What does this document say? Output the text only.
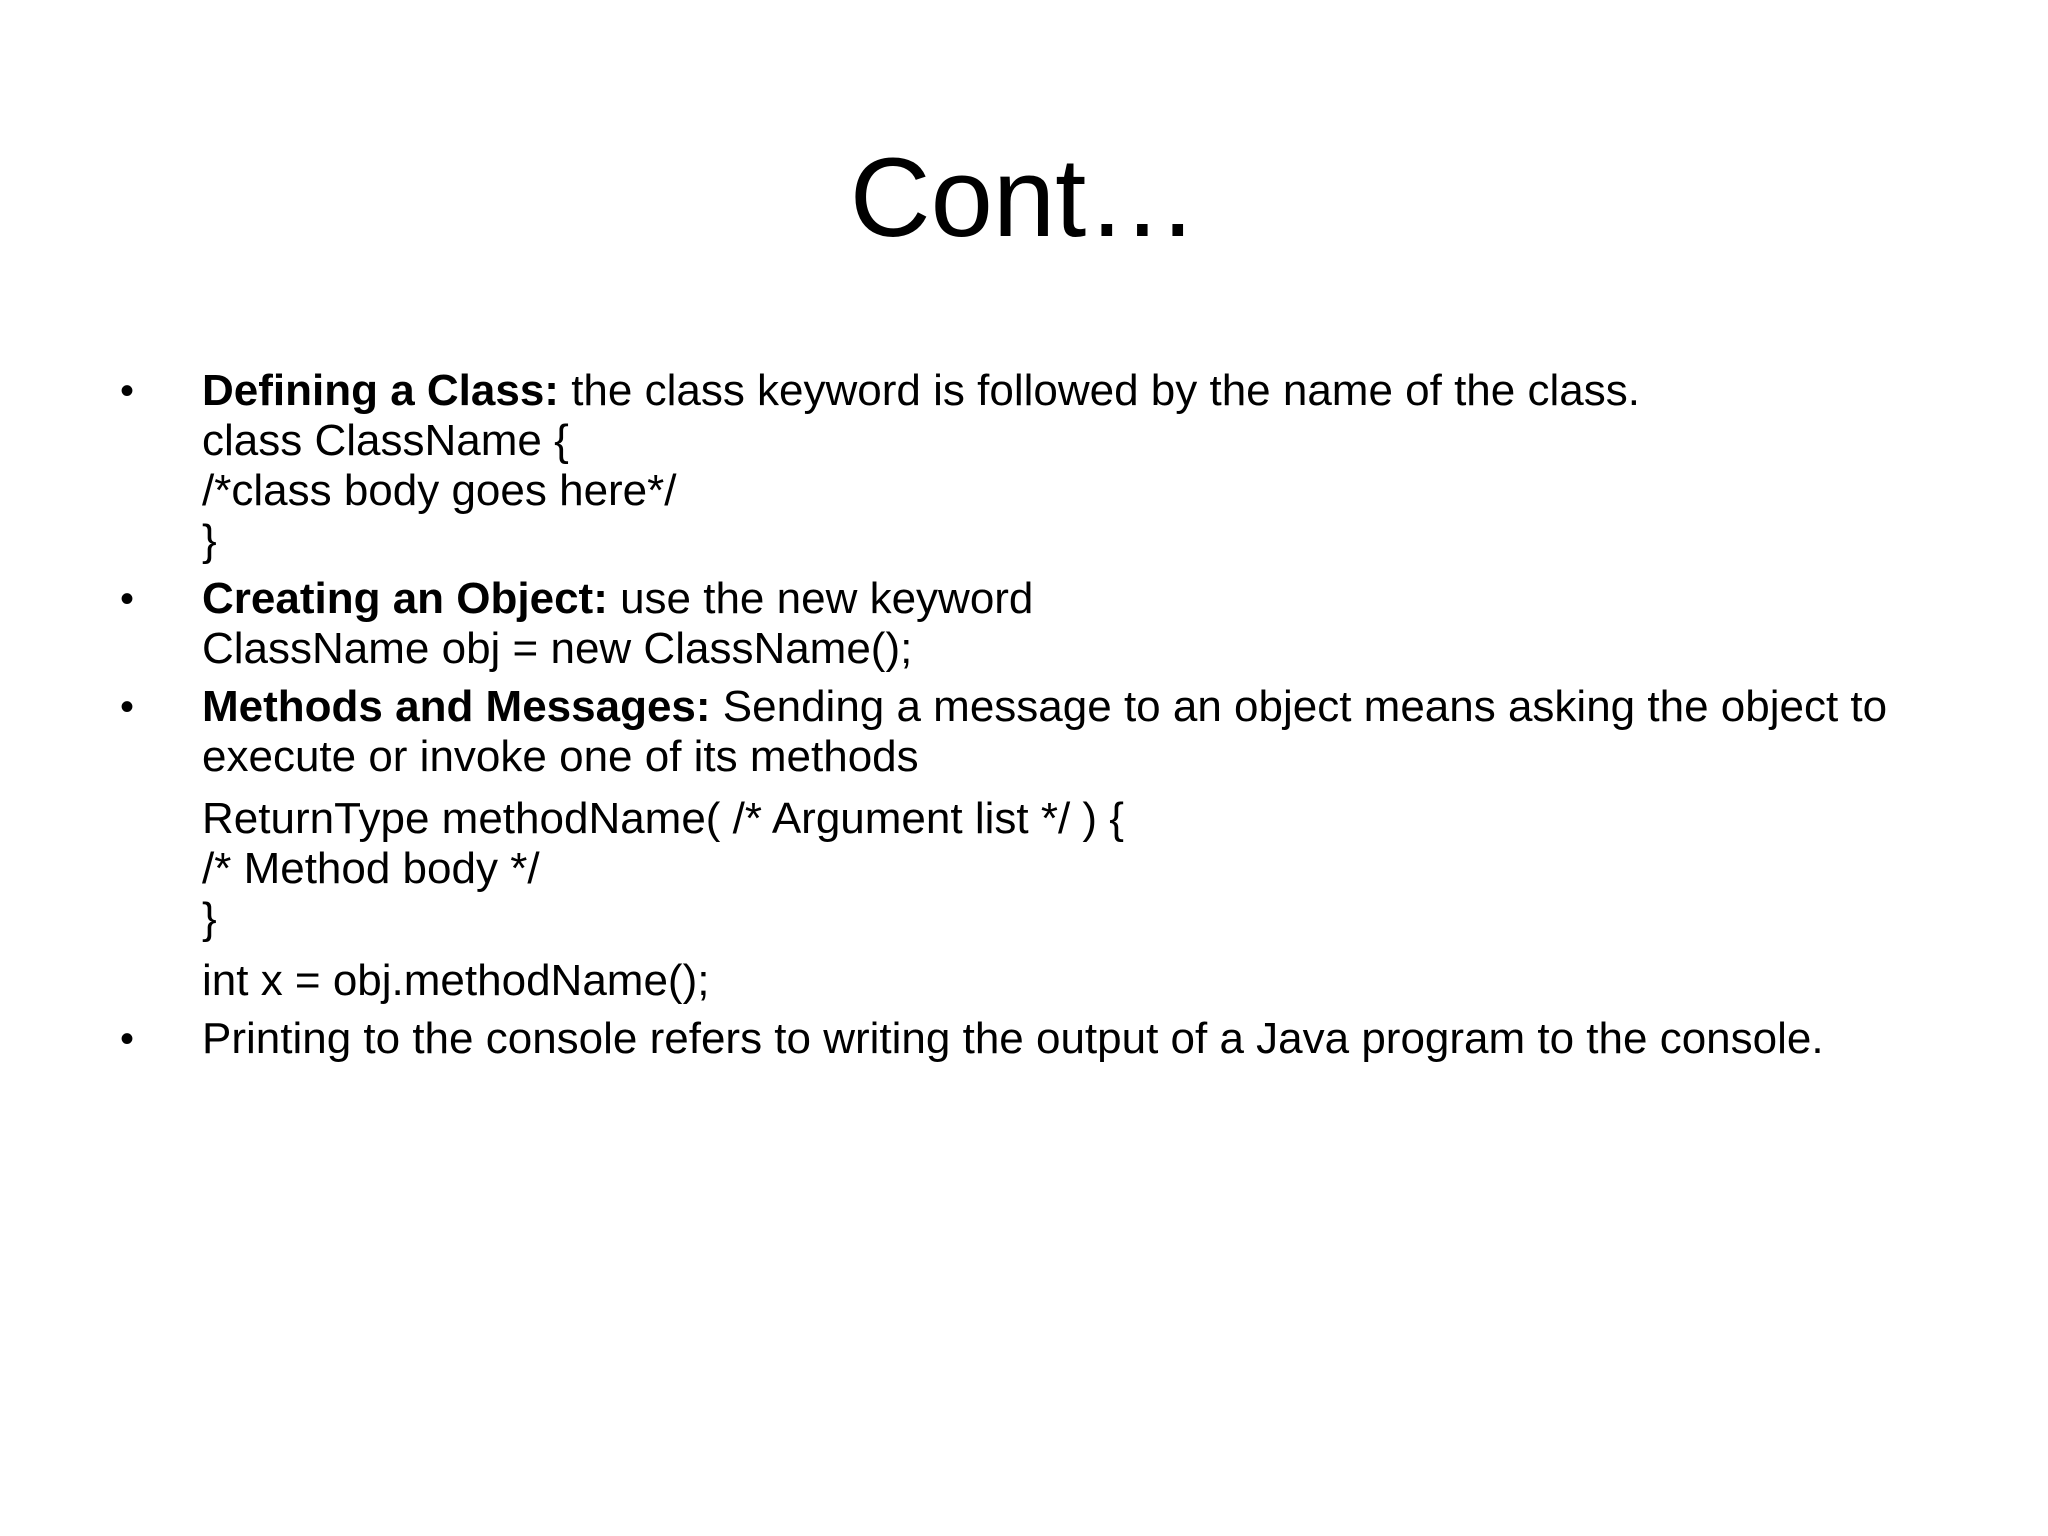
Cont…
•	Defining a Class: the class keyword is followed by the name of the class.
class ClassName {
/*class body goes here*/
}
•	Creating an Object: use the new keyword
ClassName obj = new ClassName();
•	Methods and Messages: Sending a message to an object means asking the object to execute or invoke one of its methods
ReturnType methodName( /* Argument list */ ) {
/* Method body */
}
int x = obj.methodName();
•	Printing to the console refers to writing the output of a Java program to the console.
